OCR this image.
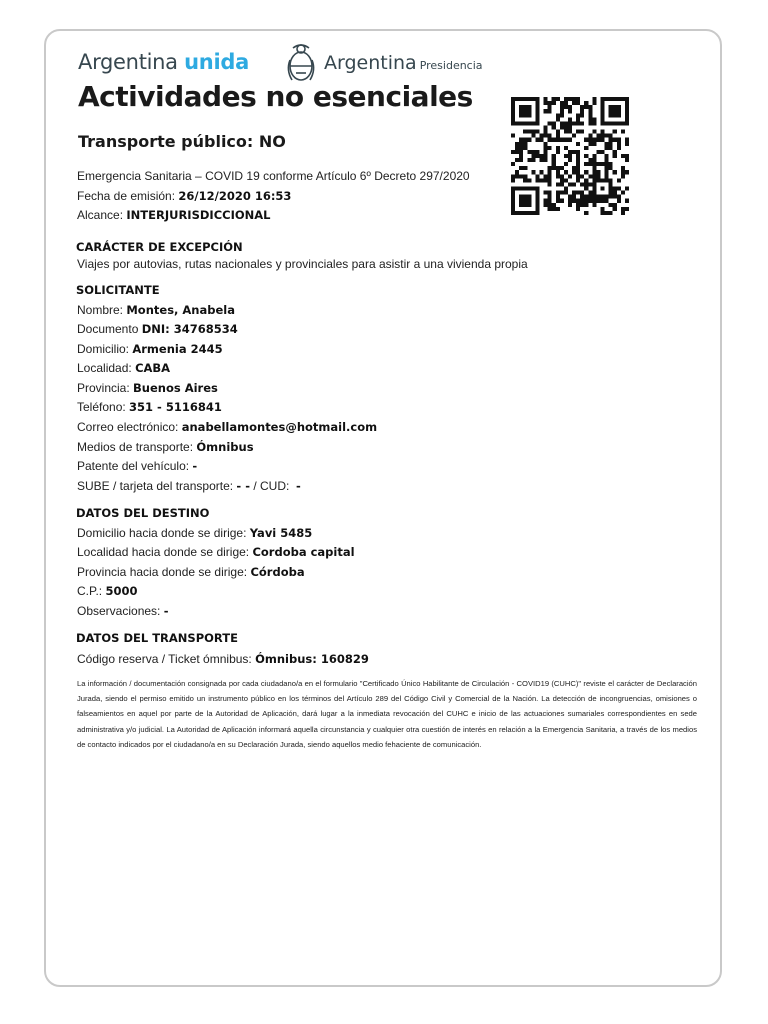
Argentina unida	Argentina Presidencia
Actividades no esenciales
Transporte público: NO
Emergencia Sanitaria – COVID 19 conforme Artículo 6º Decreto 297/2020
Fecha de emisión: 26/12/2020 16:53
Alcance: INTERJURISDICCIONAL
CARÁCTER DE EXCEPCIÓN
Viajes por autovias, rutas nacionales y provinciales para asistir a una vivienda propia
SOLICITANTE
Nombre: Montes, Anabela
Documento DNI: 34768534
Domicilio: Armenia 2445
Localidad: CABA
Provincia: Buenos Aires
Teléfono: 351 - 5116841
Correo electrónico: anabellamontes@hotmail.com
Medios de transporte: Ómnibus
Patente del vehículo: -
SUBE / tarjeta del transporte: - - / CUD: -
DATOS DEL DESTINO
Domicilio hacia donde se dirige: Yavi 5485
Localidad hacia donde se dirige: Cordoba capital
Provincia hacia donde se dirige: Córdoba
C.P.: 5000
Observaciones: -
DATOS DEL TRANSPORTE
Código reserva / Ticket ómnibus: Ómnibus: 160829
La información / documentación consignada por cada ciudadano/a en el formulario "Certificado Único Habilitante de Circulación - COVID19 (CUHC)" reviste el carácter de Declaración Jurada, siendo el permiso emitido un instrumento público en los términos del Artículo 289 del Código Civil y Comercial de la Nación. La detección de incongruencias, omisiones o falseamientos en aquel por parte de la Autoridad de Aplicación, dará lugar a la inmediata revocación del CUHC e inicio de las actuaciones sumariales correspondientes en sede administrativa y/o judicial. La Autoridad de Aplicación informará aquella circunstancia y cualquier otra cuestión de interés en relación a la Emergencia Sanitaria, a través de los medios de contacto indicados por el ciudadano/a en su Declaración Jurada, siendo aquellos medio fehaciente de comunicación.
